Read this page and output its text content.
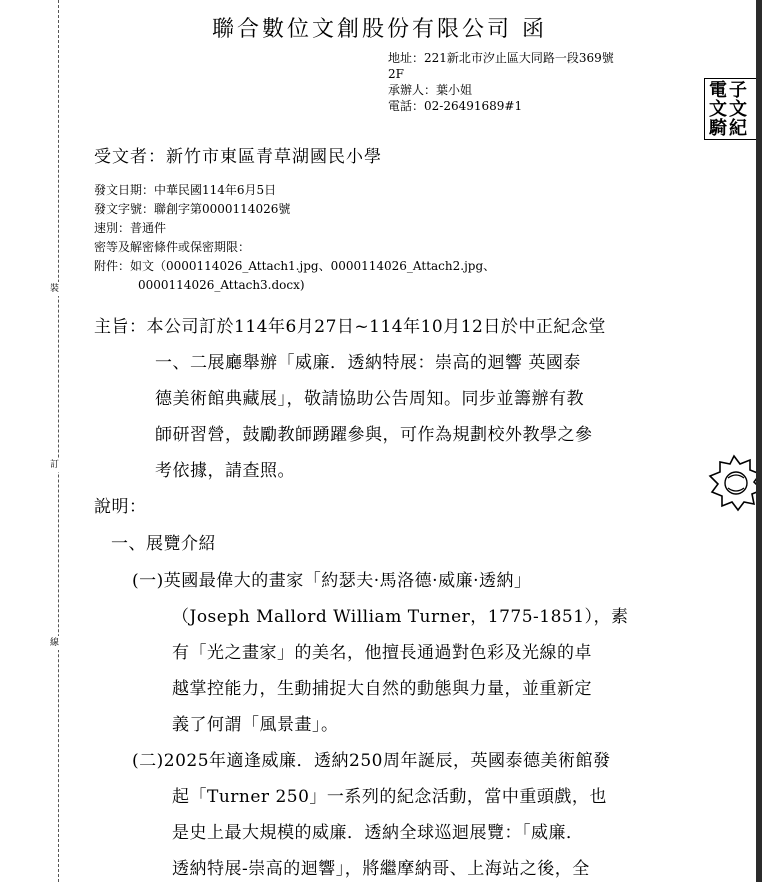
裝
訂
線
聯合數位文創股份有限公司 函
地址：221新北市汐止區大同路一段369號
2F
承辦人：葉小姐
電話：02-26491689#1
電子
文文
騎紀
受文者：新竹市東區青草湖國民小學
發文日期：中華民國114年6月5日
發文字號：聯創字第0000114026號
速別：普通件
密等及解密條件或保密期限：
附件：如文（0000114026_Attach1.jpg、0000114026_Attach2.jpg、
0000114026_Attach3.docx)
主旨：本公司訂於114年6月27日~114年10月12日於中正紀念堂
一、二展廳舉辦「威廉．透納特展：崇高的迴響 英國泰
德美術館典藏展」，敬請協助公告周知。同步並籌辦有教
師研習營，鼓勵教師踴躍參與，可作為規劃校外教學之參
考依據，請查照。
說明：
一、展覽介紹
(一)英國最偉大的畫家「約瑟夫·馬洛德·威廉·透納」
（Joseph Mallord William Turner，1775-1851），素
有「光之畫家」的美名，他擅長通過對色彩及光線的卓
越掌控能力，生動捕捉大自然的動態與力量，並重新定
義了何謂「風景畫」。
(二)2025年適逢威廉．透納250周年誕辰，英國泰德美術館發
起「Turner 250」一系列的紀念活動，當中重頭戲，也
是史上最大規模的威廉．透納全球巡迴展覽：「威廉．
透納特展-崇高的迴響」，將繼摩納哥、上海站之後，全
